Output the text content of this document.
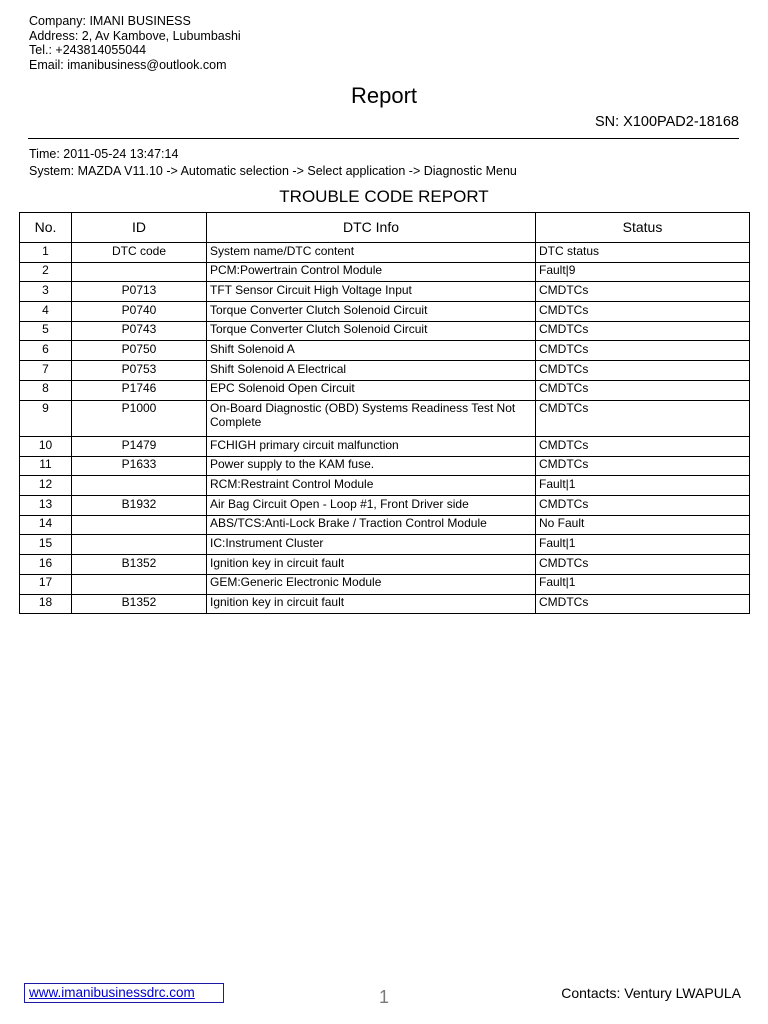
Company: IMANI BUSINESS
Address: 2, Av Kambove, Lubumbashi
Tel.: +243814055044
Email: imanibusiness@outlook.com
Report
SN: X100PAD2-18168
Time: 2011-05-24 13:47:14
System: MAZDA V11.10 -> Automatic selection -> Select application -> Diagnostic Menu
TROUBLE CODE REPORT
No.	ID	DTC Info	Status
1	DTC code	System name/DTC content	DTC status
2		PCM:Powertrain Control Module	Fault|9
3	P0713	TFT Sensor Circuit High Voltage Input	CMDTCs
4	P0740	Torque Converter Clutch Solenoid Circuit	CMDTCs
5	P0743	Torque Converter Clutch Solenoid Circuit	CMDTCs
6	P0750	Shift Solenoid A	CMDTCs
7	P0753	Shift Solenoid A Electrical	CMDTCs
8	P1746	EPC Solenoid Open Circuit	CMDTCs
9	P1000	On-Board Diagnostic (OBD) Systems Readiness Test Not Complete	CMDTCs
10	P1479	FCHIGH primary circuit malfunction	CMDTCs
11	P1633	Power supply to the KAM fuse.	CMDTCs
12		RCM:Restraint Control Module	Fault|1
13	B1932	Air Bag Circuit Open - Loop #1, Front Driver side	CMDTCs
14		ABS/TCS:Anti-Lock Brake / Traction Control Module	No Fault
15		IC:Instrument Cluster	Fault|1
16	B1352	Ignition key in circuit fault	CMDTCs
17		GEM:Generic Electronic Module	Fault|1
18	B1352	Ignition key in circuit fault	CMDTCs
www.imanibusinessdrc.com	1	Contacts: Ventury LWAPULA
